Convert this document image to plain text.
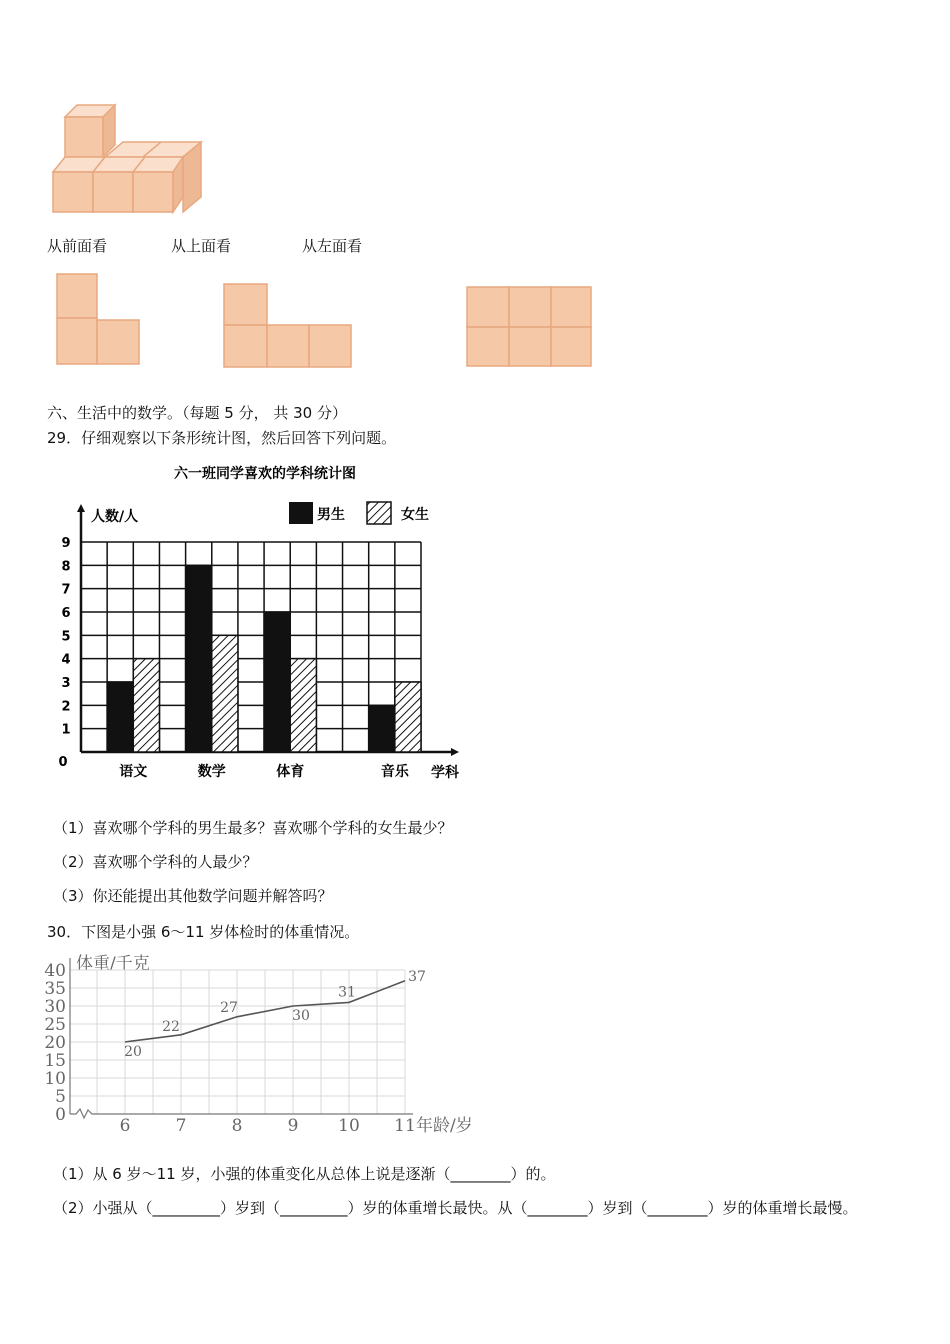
从前面看	从上面看	从左面看
六、生活中的数学。（每题 5 分， 共 30 分）
29．仔细观察以下条形统计图，然后回答下列问题。
六一班同学喜欢的学科统计图
人数/人
学科
0
1
2
3
4
5
6
7
8
9
语文	数学	体育	音乐
男生	女生
（1）喜欢哪个学科的男生最多？喜欢哪个学科的女生最少？
（2）喜欢哪个学科的人最少？
（3）你还能提出其他数学问题并解答吗？
30．下图是小强 6～11 岁体检时的体重情况。
体重/千克
年龄/岁
0
5
10
15
20
25
30
35
40
6	7	8	9 10 11
20
22
27
30
31
37
（1）从 6 岁～11 岁，小强的体重变化从总体上说是逐渐（________）的。
（2）小强从（_________）岁到（_________）岁的体重增长最快。从（________）岁到（________）岁的体重增长最慢。
